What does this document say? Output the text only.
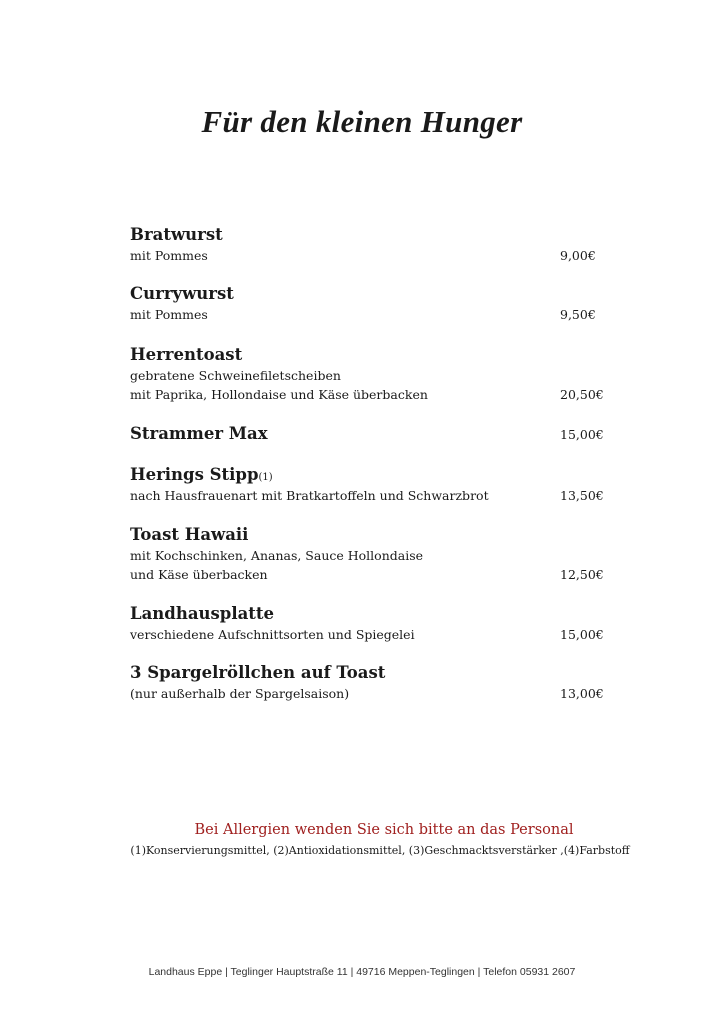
Für den kleinen Hunger
Bratwurst
mit Pommes	9,00€
Currywurst
mit Pommes	9,50€
Herrentoast
gebratene Schweinefiletscheiben
mit Paprika, Hollondaise und Käse überbacken	20,50€
Strammer Max	15,00€
Herings Stipp(1)
nach Hausfrauenart mit Bratkartoffeln und Schwarzbrot	13,50€
Toast Hawaii
mit Kochschinken, Ananas, Sauce Hollondaise
und Käse überbacken	12,50€
Landhausplatte
verschiedene Aufschnittsorten und Spiegelei	15,00€
3 Spargelröllchen auf Toast
(nur außerhalb der Spargelsaison)	13,00€
Bei Allergien wenden Sie sich bitte an das Personal
(1)Konservierungsmittel, (2)Antioxidationsmittel, (3)Geschmacktsverstärker ,(4)Farbstoff
Landhaus Eppe | Teglinger Hauptstraße 11 | 49716 Meppen-Teglingen | Telefon 05931 2607
